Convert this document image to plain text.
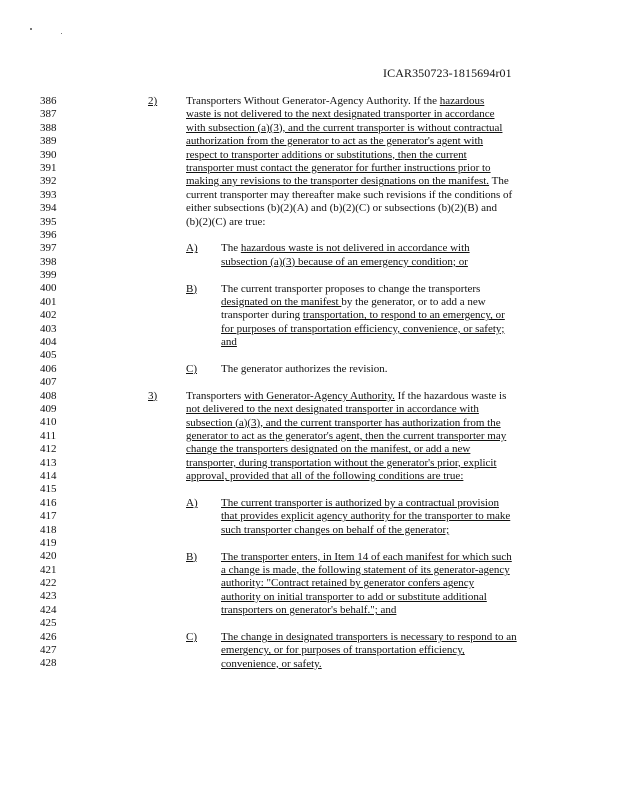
ICAR350723-1815694r01
386
387
388
389
390
391
392
393
394
395
396
397
398
399
400
401
402
403
404
405
406
407
408
409
410
411
412
413
414
415
416
417
418
419
420
421
422
423
424
425
426
427
428
2)	Transporters Without Generator-Agency Authority. If the hazardous
waste is not delivered to the next designated transporter in accordance
with subsection (a)(3), and the current transporter is without contractual
authorization from the generator to act as the generator's agent with
respect to transporter additions or substitutions, then the current
transporter must contact the generator for further instructions prior to
making any revisions to the transporter designations on the manifest. The
current transporter may thereafter make such revisions if the conditions of
either subsections (b)(2)(A) and (b)(2)(C) or subsections (b)(2)(B) and
(b)(2)(C) are true:
A) The hazardous waste is not delivered in accordance with
subsection (a)(3) because of an emergency condition; or
B) The current transporter proposes to change the transporters
designated on the manifest by the generator, or to add a new
transporter during transportation, to respond to an emergency, or
for purposes of transportation efficiency, convenience, or safety;
and
C) The generator authorizes the revision.
3)	Transporters with Generator-Agency Authority. If the hazardous waste is
not delivered to the next designated transporter in accordance with
subsection (a)(3), and the current transporter has authorization from the
generator to act as the generator's agent, then the current transporter may
change the transporters designated on the manifest, or add a new
transporter, during transportation without the generator's prior, explicit
approval, provided that all of the following conditions are true:
A) The current transporter is authorized by a contractual provision
that provides explicit agency authority for the transporter to make
such transporter changes on behalf of the generator;
B) The transporter enters, in Item 14 of each manifest for which such
a change is made, the following statement of its generator-agency
authority: "Contract retained by generator confers agency
authority on initial transporter to add or substitute additional
transporters on generator's behalf."; and
C) The change in designated transporters is necessary to respond to an
emergency, or for purposes of transportation efficiency,
convenience, or safety.
